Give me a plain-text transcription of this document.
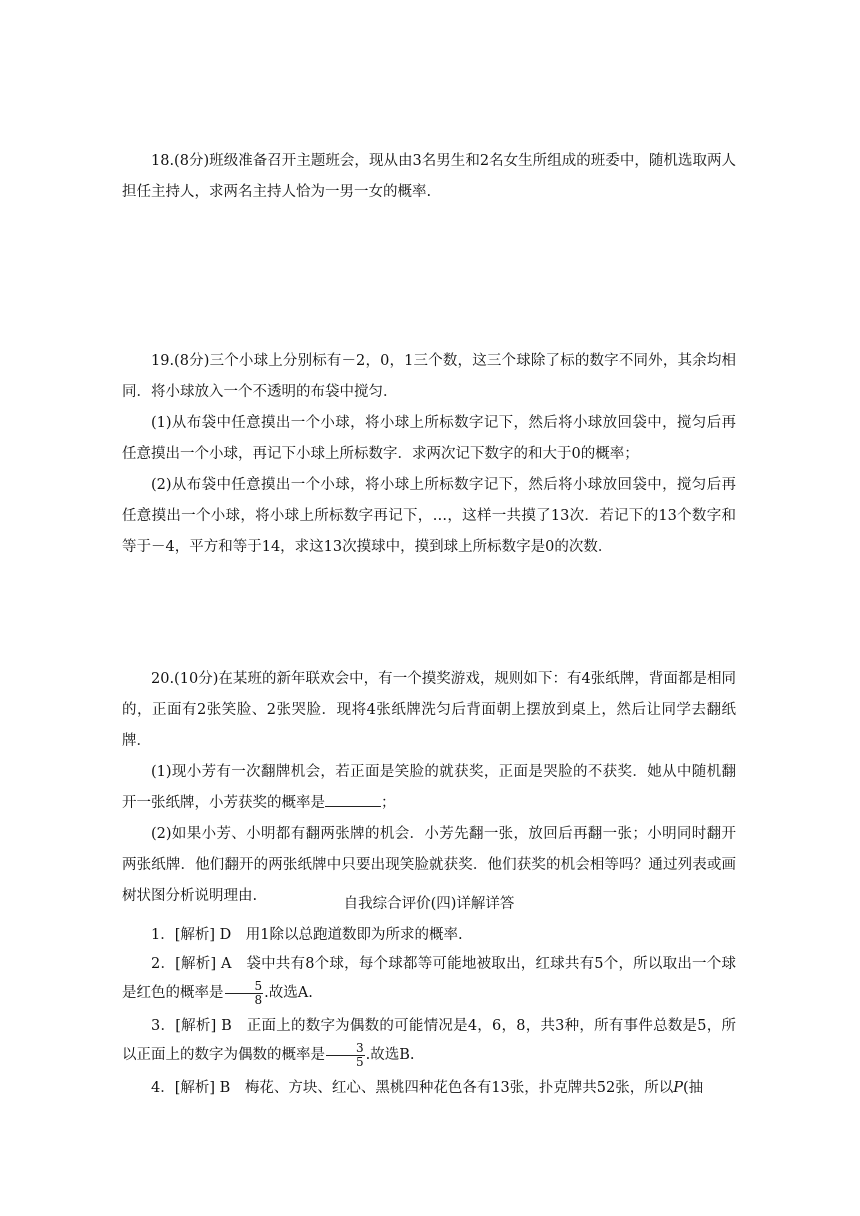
18.(8分)班级准备召开主题班会，现从由3名男生和2名女生所组成的班委中，随机选取两人担任主持人，求两名主持人恰为一男一女的概率.

19.(8分)三个小球上分别标有－2，0，1三个数，这三个球除了标的数字不同外，其余均相同．将小球放入一个不透明的布袋中搅匀．

(1)从布袋中任意摸出一个小球，将小球上所标数字记下，然后将小球放回袋中，搅匀后再任意摸出一个小球，再记下小球上所标数字．求两次记下数字的和大于0的概率；

(2)从布袋中任意摸出一个小球，将小球上所标数字记下，然后将小球放回袋中，搅匀后再任意摸出一个小球，将小球上所标数字再记下，…，这样一共摸了13次．若记下的13个数字和等于－4，平方和等于14，求这13次摸球中，摸到球上所标数字是0的次数．

20.(10分)在某班的新年联欢会中，有一个摸奖游戏，规则如下：有4张纸牌，背面都是相同的，正面有2张笑脸、2张哭脸．现将4张纸牌洗匀后背面朝上摆放到桌上，然后让同学去翻纸牌．

(1)现小芳有一次翻牌机会，若正面是笑脸的就获奖，正面是哭脸的不获奖．她从中随机翻开一张纸牌，小芳获奖的概率是	；

(2)如果小芳、小明都有翻两张牌的机会．小芳先翻一张，放回后再翻一张；小明同时翻开两张纸牌．他们翻开的两张纸牌中只要出现笑脸就获奖．他们获奖的机会相等吗？通过列表或画树状图分析说明理由.	自我综合评价(四)详解详答

1．[解析] D　用1除以总跑道数即为所求的概率.

2．[解析] A　袋中共有8个球，每个球都等可能地被取出，红球共有5个，所以取出一个球是红色的概率是 $\frac{5}{8}$ .故选A.

3．[解析] B　正面上的数字为偶数的可能情况是4，6，8，共3种，所有事件总数是5，所以正面上的数字为偶数的概率是 $\frac{3}{5}$ .故选B.

4．[解析] B　梅花、方块、红心、黑桃四种花色各有13张，扑克牌共52张，所以P(抽
